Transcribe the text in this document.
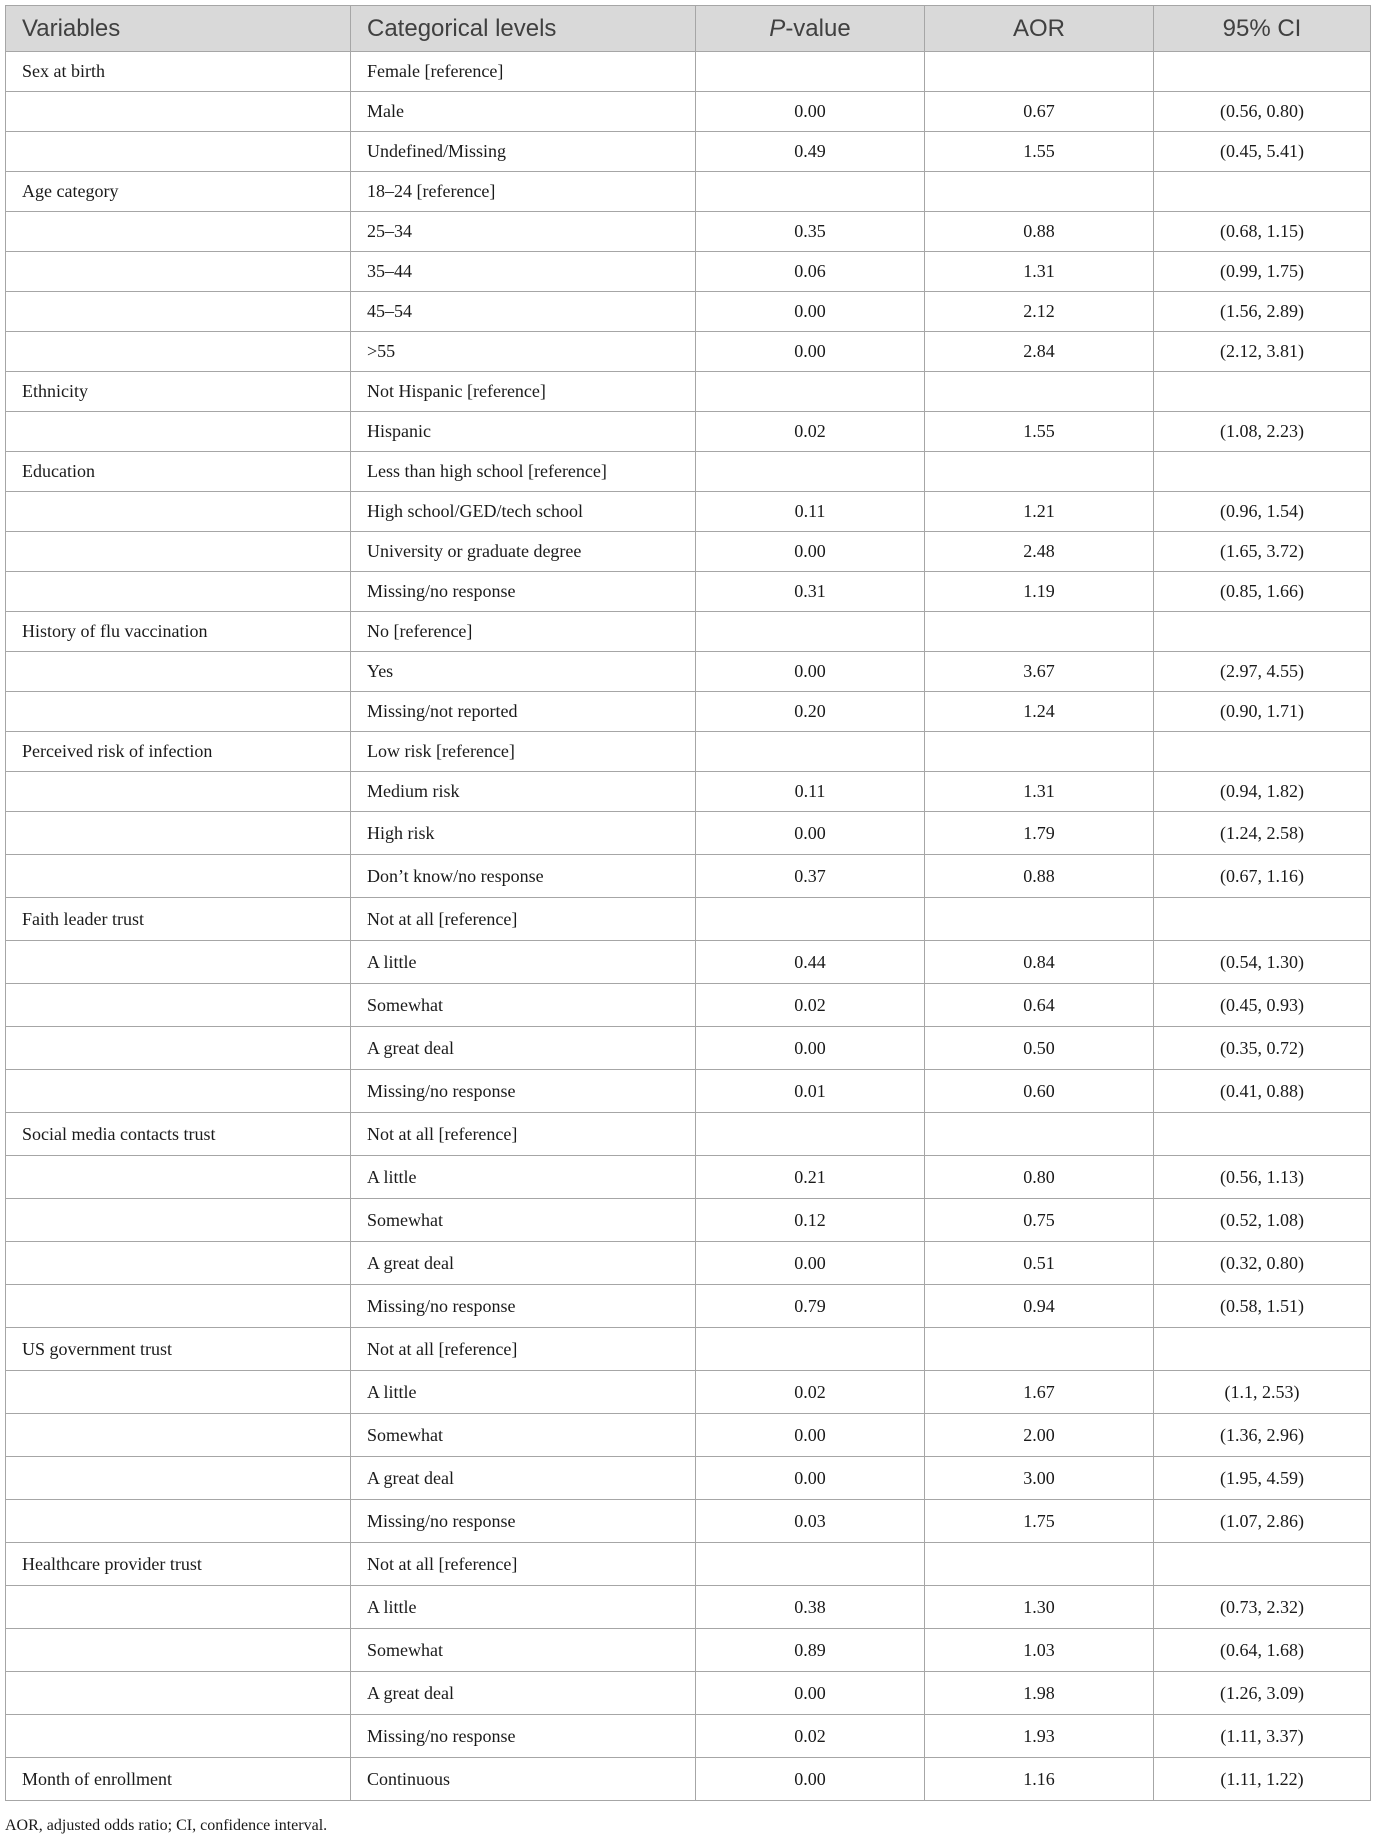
Variables	Categorical levels	P-value	AOR	95% CI
Sex at birth	Female [reference]			
	Male	0.00	0.67	(0.56, 0.80)
	Undefined/Missing	0.49	1.55	(0.45, 5.41)
Age category	18–24 [reference]			
	25–34	0.35	0.88	(0.68, 1.15)
	35–44	0.06	1.31	(0.99, 1.75)
	45–54	0.00	2.12	(1.56, 2.89)
	>55	0.00	2.84	(2.12, 3.81)
Ethnicity	Not Hispanic [reference]			
	Hispanic	0.02	1.55	(1.08, 2.23)
Education	Less than high school [reference]			
	High school/GED/tech school	0.11	1.21	(0.96, 1.54)
	University or graduate degree	0.00	2.48	(1.65, 3.72)
	Missing/no response	0.31	1.19	(0.85, 1.66)
History of flu vaccination	No [reference]			
	Yes	0.00	3.67	(2.97, 4.55)
	Missing/not reported	0.20	1.24	(0.90, 1.71)
Perceived risk of infection	Low risk [reference]			
	Medium risk	0.11	1.31	(0.94, 1.82)
	High risk	0.00	1.79	(1.24, 2.58)
	Don’t know/no response	0.37	0.88	(0.67, 1.16)
Faith leader trust	Not at all [reference]			
	A little	0.44	0.84	(0.54, 1.30)
	Somewhat	0.02	0.64	(0.45, 0.93)
	A great deal	0.00	0.50	(0.35, 0.72)
	Missing/no response	0.01	0.60	(0.41, 0.88)
Social media contacts trust	Not at all [reference]			
	A little	0.21	0.80	(0.56, 1.13)
	Somewhat	0.12	0.75	(0.52, 1.08)
	A great deal	0.00	0.51	(0.32, 0.80)
	Missing/no response	0.79	0.94	(0.58, 1.51)
US government trust	Not at all [reference]			
	A little	0.02	1.67	(1.1, 2.53)
	Somewhat	0.00	2.00	(1.36, 2.96)
	A great deal	0.00	3.00	(1.95, 4.59)
	Missing/no response	0.03	1.75	(1.07, 2.86)
Healthcare provider trust	Not at all [reference]			
	A little	0.38	1.30	(0.73, 2.32)
	Somewhat	0.89	1.03	(0.64, 1.68)
	A great deal	0.00	1.98	(1.26, 3.09)
	Missing/no response	0.02	1.93	(1.11, 3.37)
Month of enrollment	Continuous	0.00	1.16	(1.11, 1.22)
AOR, adjusted odds ratio; CI, confidence interval.
